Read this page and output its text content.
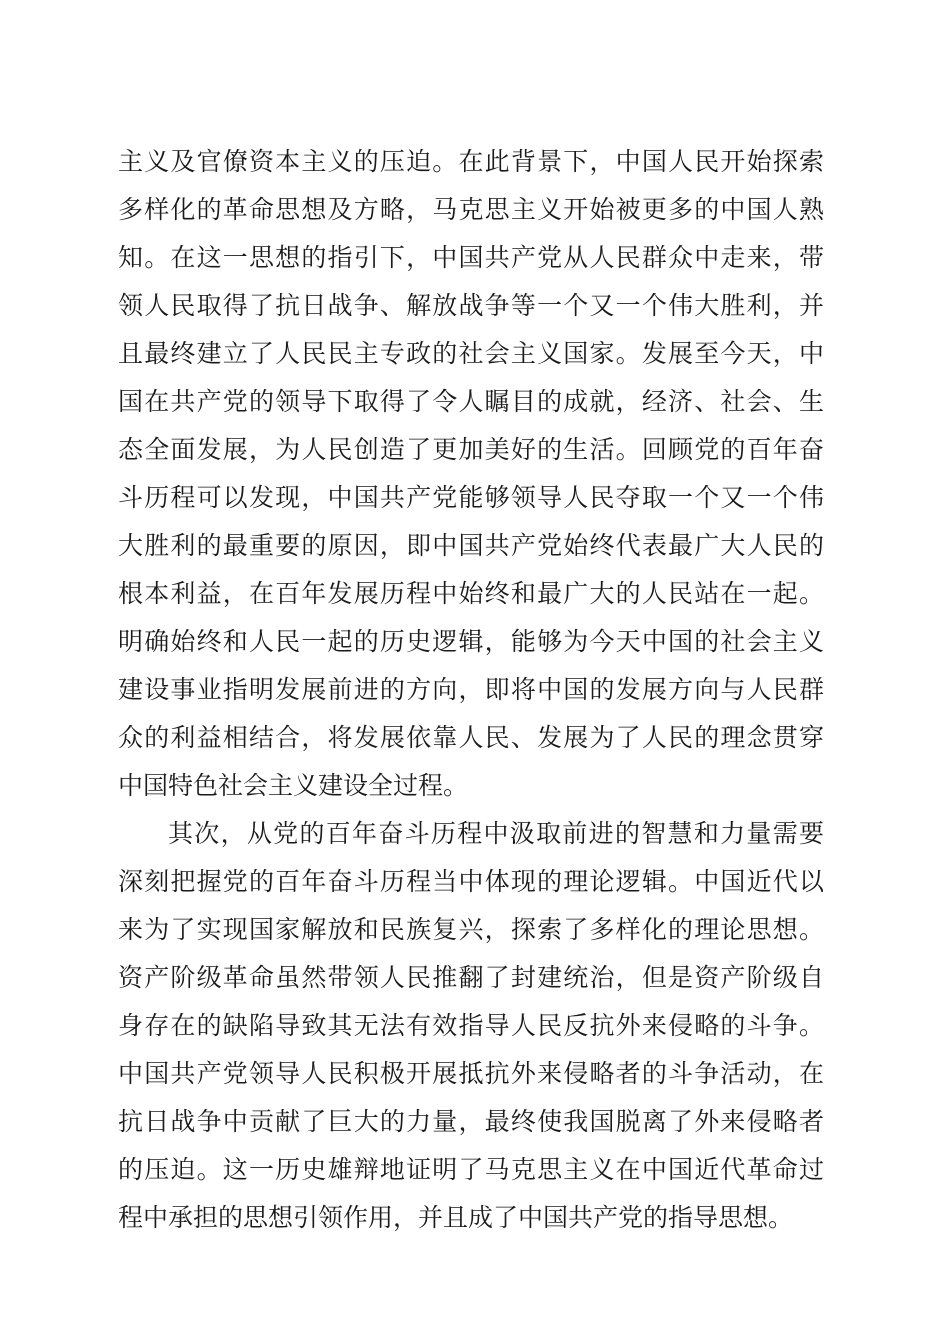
主义及官僚资本主义的压迫。在此背景下，中国人民开始探索
多样化的革命思想及方略，马克思主义开始被更多的中国人熟
知。在这一思想的指引下，中国共产党从人民群众中走来，带
领人民取得了抗日战争、解放战争等一个又一个伟大胜利，并
且最终建立了人民民主专政的社会主义国家。发展至今天，中
国在共产党的领导下取得了令人瞩目的成就，经济、社会、生
态全面发展，为人民创造了更加美好的生活。回顾党的百年奋
斗历程可以发现，中国共产党能够领导人民夺取一个又一个伟
大胜利的最重要的原因，即中国共产党始终代表最广大人民的
根本利益，在百年发展历程中始终和最广大的人民站在一起。
明确始终和人民一起的历史逻辑，能够为今天中国的社会主义
建设事业指明发展前进的方向，即将中国的发展方向与人民群
众的利益相结合，将发展依靠人民、发展为了人民的理念贯穿
中国特色社会主义建设全过程。
其次，从党的百年奋斗历程中汲取前进的智慧和力量需要
深刻把握党的百年奋斗历程当中体现的理论逻辑。中国近代以
来为了实现国家解放和民族复兴，探索了多样化的理论思想。
资产阶级革命虽然带领人民推翻了封建统治，但是资产阶级自
身存在的缺陷导致其无法有效指导人民反抗外来侵略的斗争。
中国共产党领导人民积极开展抵抗外来侵略者的斗争活动，在
抗日战争中贡献了巨大的力量，最终使我国脱离了外来侵略者
的压迫。这一历史雄辩地证明了马克思主义在中国近代革命过
程中承担的思想引领作用，并且成了中国共产党的指导思想。
